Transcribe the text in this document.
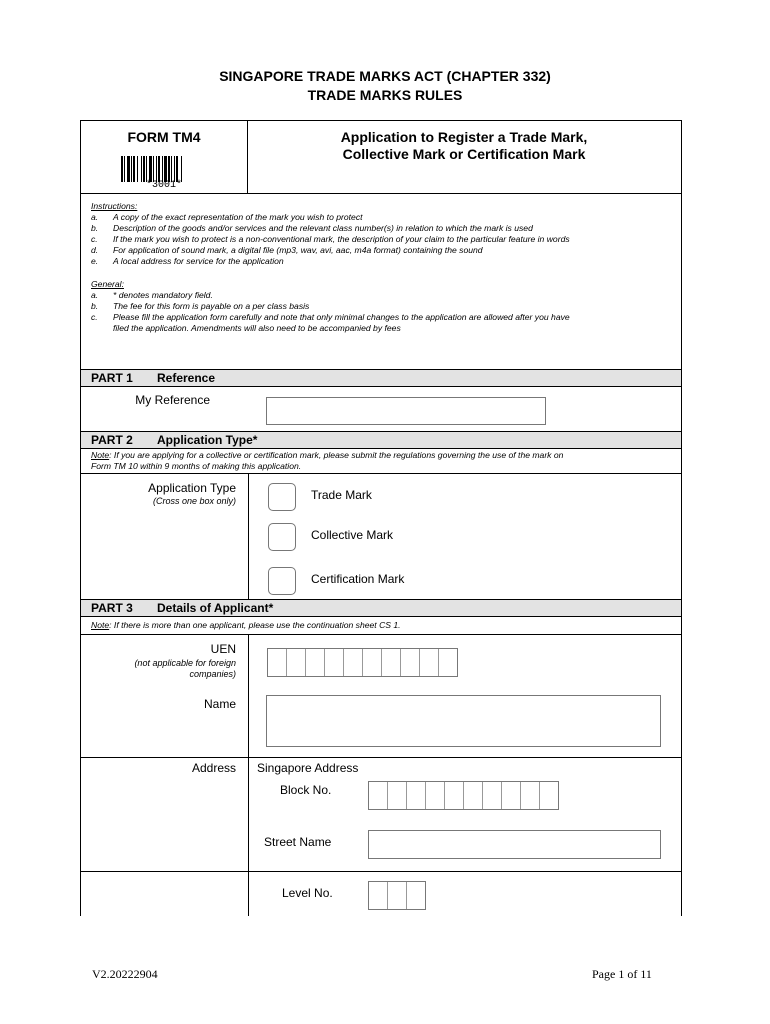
SINGAPORE TRADE MARKS ACT (CHAPTER 332)
TRADE MARKS RULES
FORM TM4
*3001*
Application to Register a Trade Mark,
Collective Mark or Certification Mark
Instructions:
a.	A copy of the exact representation of the mark you wish to protect
b.	Description of the goods and/or services and the relevant class number(s) in relation to which the mark is used
c.	If the mark you wish to protect is a non-conventional mark, the description of your claim to the particular feature in words
d.	For application of sound mark, a digital file (mp3, wav, avi, aac, m4a format) containing the sound
e.	A local address for service for the application
General:
a.	* denotes mandatory field.
b.	The fee for this form is payable on a per class basis
c.	Please fill the application form carefully and note that only minimal changes to the application are allowed after you have
filed the application. Amendments will also need to be accompanied by fees
PART 1 Reference
My Reference
PART 2 Application Type*
Note: If you are applying for a collective or certification mark, please submit the regulations governing the use of the mark on
Form TM 10 within 9 months of making this application.
Application Type
(Cross one box only)	Trade Mark
Collective Mark
Certification Mark
PART 3 Details of Applicant*
Note: If there is more than one applicant, please use the continuation sheet CS 1.
UEN
(not applicable for foreign
companies)
Name
Address Singapore Address
Block No.
Street Name
Level No.
V2.20222904	Page 1 of 11
